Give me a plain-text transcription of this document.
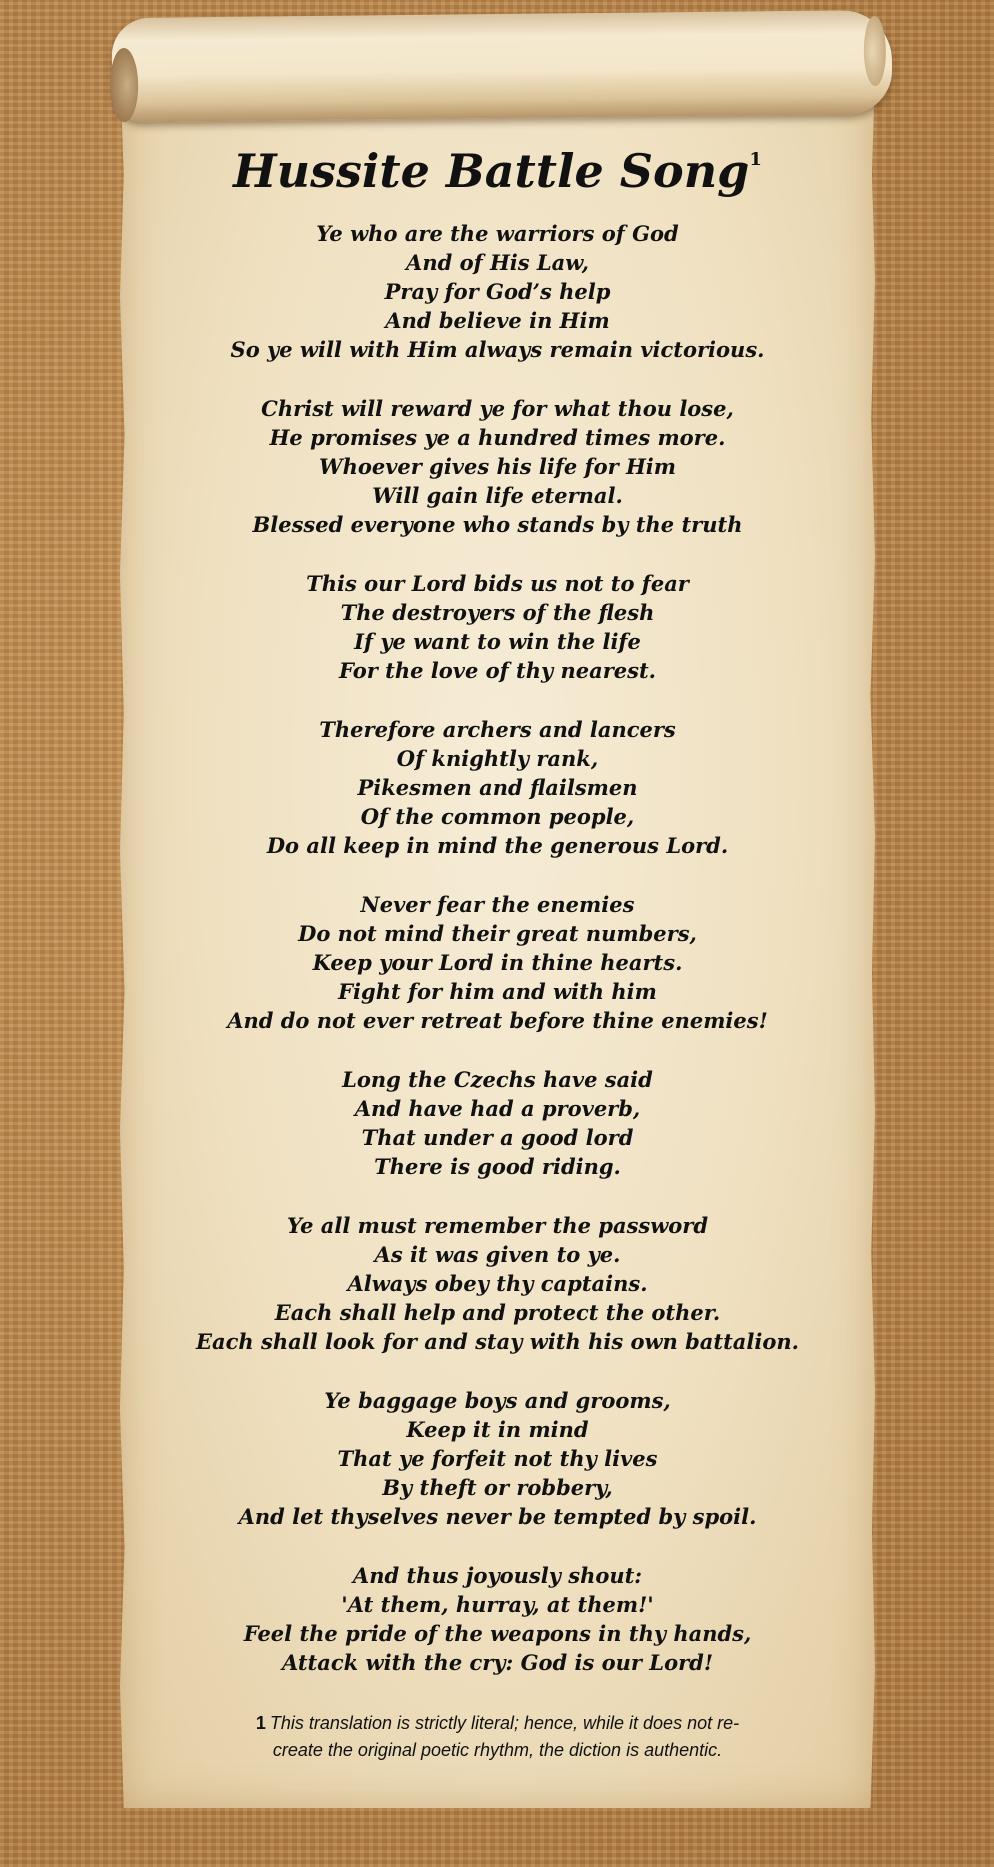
Hussite Battle Song$^1$
Ye who are the warriors of God
And of His Law,
Pray for God’s help
And believe in Him
So ye will with Him always remain victorious.
Christ will reward ye for what thou lose,
He promises ye a hundred times more.
Whoever gives his life for Him
Will gain life eternal.
Blessed everyone who stands by the truth
This our Lord bids us not to fear
The destroyers of the flesh
If ye want to win the life
For the love of thy nearest.
Therefore archers and lancers
Of knightly rank,
Pikesmen and flailsmen
Of the common people,
Do all keep in mind the generous Lord.
Never fear the enemies
Do not mind their great numbers,
Keep your Lord in thine hearts.
Fight for him and with him
And do not ever retreat before thine enemies!
Long the Czechs have said
And have had a proverb,
That under a good lord
There is good riding.
Ye all must remember the password
As it was given to ye.
Always obey thy captains.
Each shall help and protect the other.
Each shall look for and stay with his own battalion.
Ye baggage boys and grooms,
Keep it in mind
That ye forfeit not thy lives
By theft or robbery,
And let thyselves never be tempted by spoil.
And thus joyously shout:
'At them, hurray, at them!'
Feel the pride of the weapons in thy hands,
Attack with the cry: God is our Lord!
1 This translation is strictly literal; hence, while it does not re-
create the original poetic rhythm, the diction is authentic.
